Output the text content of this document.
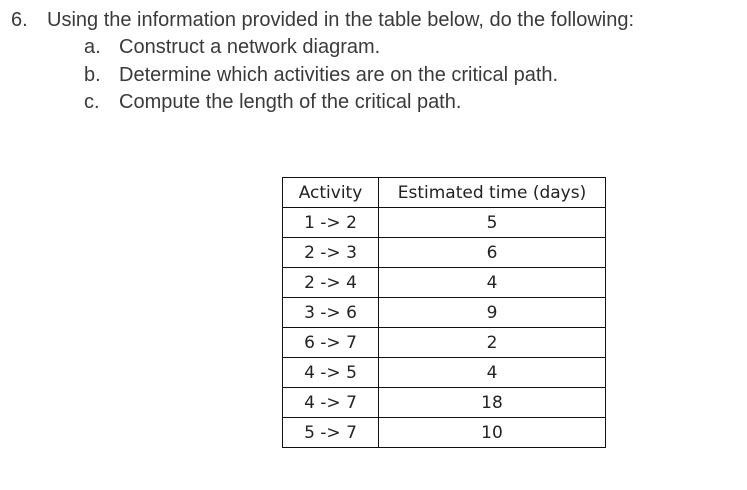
6. Using the information provided in the table below, do the following:
a. Construct a network diagram.
b. Determine which activities are on the critical path.
c. Compute the length of the critical path.
Activity	Estimated time (days)
1 -> 2	5
2 -> 3	6
2 -> 4	4
3 -> 6	9
6 -> 7	2
4 -> 5	4
4 -> 7	18
5 -> 7	10
